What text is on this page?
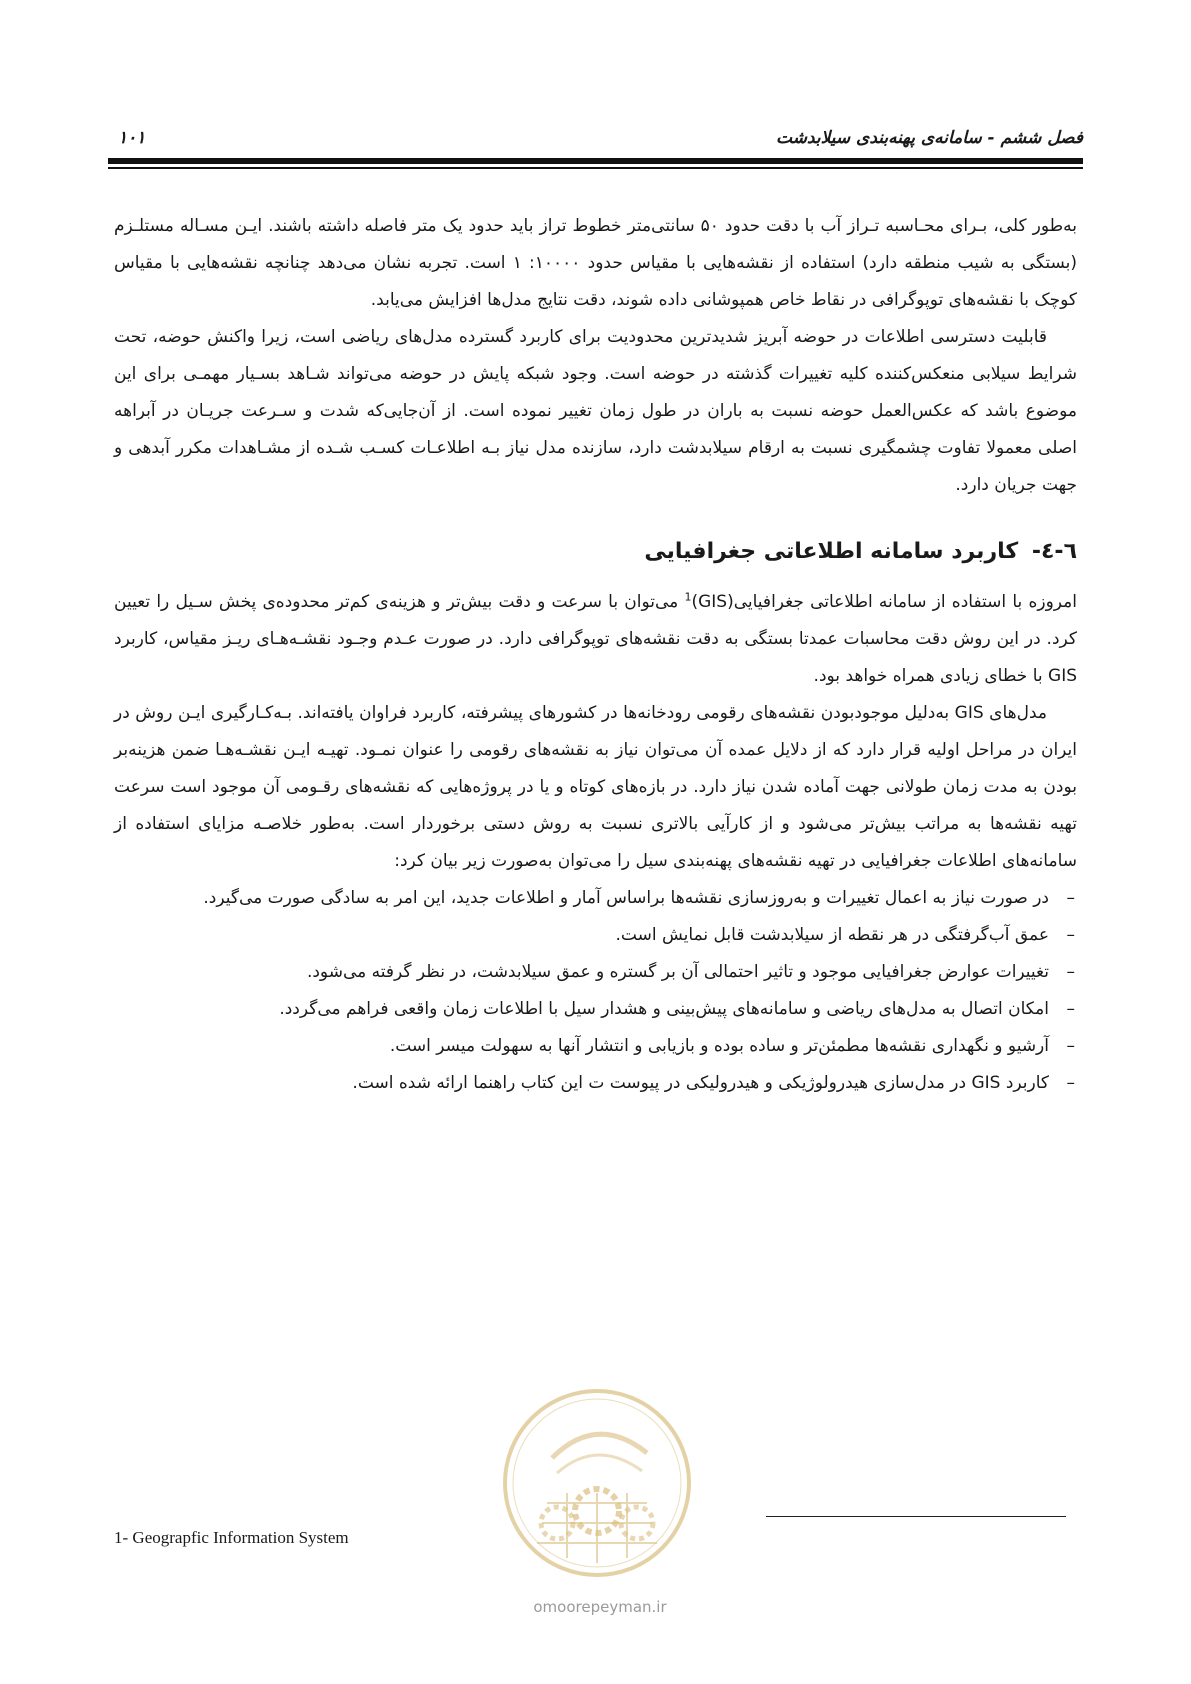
فصل ششم - سامانه‌ی پهنه‌بندی سیلابدشت
۱۰۱

به‌طور کلی، بـرای محـاسبه تـراز آب با دقت حدود ۵۰ سانتی‌متر خطوط تراز باید حدود یک متر فاصله داشته باشند. ایـن مسـاله مستلـزم (بستگی به شیب منطقه دارد) استفاده از نقشه‌هایی با مقیاس حدود ۱۰۰۰۰: ۱ است. تجربه نشان می‌دهد چنانچه نقشه‌هایی با مقیاس کوچک با نقشه‌های توپوگرافی در نقاط خاص همپوشانی داده شوند، دقت نتایج مدل‌ها افزایش می‌یابد.

قابلیت دسترسی اطلاعات در حوضه آبریز شدیدترین محدودیت برای کاربرد گسترده مدل‌های ریاضی است، زیرا واکنش حوضه، تحت شرایط سیلابی منعکس‌کننده کلیه تغییرات گذشته در حوضه است. وجود شبکه پایش در حوضه می‌تواند شـاهد بسـیار مهمـی برای این موضوع باشد که عکس‌العمل حوضه نسبت به باران در طول زمان تغییر نموده است. از آن‌جایی‌که شدت و سـرعت جریـان در آبراهه اصلی معمولا تفاوت چشمگیری نسبت به ارقام سیلابدشت دارد، سازنده مدل نیاز بـه اطلاعـات کسـب شـده از مشـاهدات مکرر آبدهی و جهت جریان دارد.

٦-٤- کاربرد سامانه اطلاعاتی جغرافیایی

امروزه با استفاده از سامانه اطلاعاتی جغرافیایی(GIS)$^1$ می‌توان با سرعت و دقت بیش‌تر و هزینه‌ی کم‌تر محدوده‌ی پخش سـیل را تعیین کرد. در این روش دقت محاسبات عمدتا بستگی به دقت نقشه‌های توپوگرافی دارد. در صورت عـدم وجـود نقشـه‌هـای ریـز مقیاس، کاربرد GIS با خطای زیادی همراه خواهد بود.

مدل‌های GIS به‌دلیل موجودبودن نقشه‌های رقومی رودخانه‌ها در کشورهای پیشرفته، کاربرد فراوان یافته‌اند. بـه‌کـارگیری ایـن روش در ایران در مراحل اولیه قرار دارد که از دلایل عمده آن می‌توان نیاز به نقشه‌های رقومی را عنوان نمـود. تهیـه ایـن نقشـه‌هـا ضمن هزینه‌بر بودن به مدت زمان طولانی جهت آماده شدن نیاز دارد. در بازه‌های کوتاه و یا در پروژه‌هایی که نقشه‌های رقـومی آن موجود است سرعت تهیه نقشه‌ها به مراتب بیش‌تر می‌شود و از کارآیی بالاتری نسبت به روش دستی برخوردار است. به‌طور خلاصـه مزایای استفاده از سامانه‌های اطلاعات جغرافیایی در تهیه نقشه‌های پهنه‌بندی سیل را می‌توان به‌صورت زیر بیان کرد:

–
در صورت نیاز به اعمال تغییرات و به‌روزسازی نقشه‌ها براساس آمار و اطلاعات جدید، این امر به سادگی صورت می‌گیرد.
–
عمق آب‌گرفتگی در هر نقطه از سیلابدشت قابل نمایش است.
–
تغییرات عوارض جغرافیایی موجود و تاثیر احتمالی آن بر گستره و عمق سیلابدشت، در نظر گرفته می‌شود.
–
امکان اتصال به مدل‌های ریاضی و سامانه‌های پیش‌بینی و هشدار سیل با اطلاعات زمان واقعی فراهم می‌گردد.
–
آرشیو و نگهداری نقشه‌ها مطمئن‌تر و ساده بوده و بازیابی و انتشار آنها به سهولت میسر است.
–
کاربرد GIS در مدل‌سازی هیدرولوژیکی و هیدرولیکی در پیوست ت این کتاب راهنما ارائه شده است.
omoorepeyman.ir
1- Geograpfic Information System
